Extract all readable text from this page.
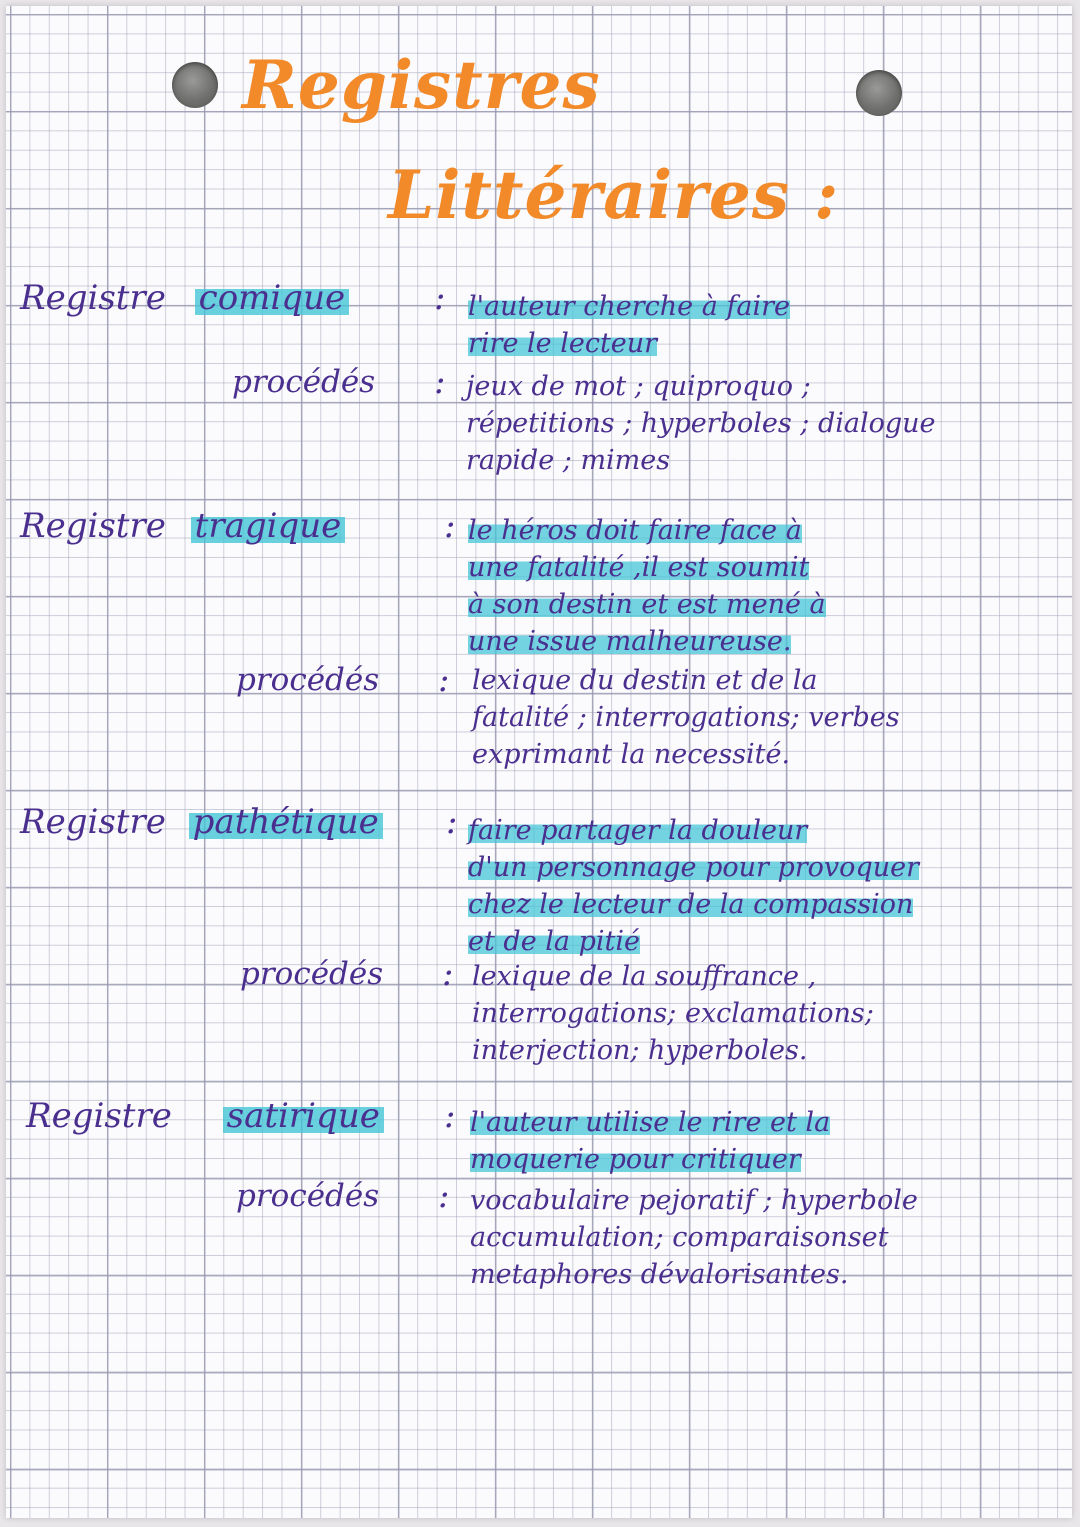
Registres
Littéraires :
Registre comique	: l'auteur cherche à fairerire le lecteur
procédés : jeux de mot ; quiproquo ;
répetitions ; hyperboles ; dialogue
rapide ; mimes
Registre tragique	: le héros doit faire face àune fatalité ,il est soumità son destin et est mené àune issue malheureuse.
procédés : lexique du destin et de la
fatalité ; interrogations; verbes
exprimant la necessité.
Registre pathétique : faire partager la douleurd'un personnage pour provoquerchez le lecteur de la compassionet de la pitié
procédés : lexique de la souffrance ,
interrogations; exclamations;
interjection; hyperboles.
Registre satirique : l'auteur utilise le rire et lamoquerie pour critiquer
procédés : vocabulaire pejoratif ; hyperbole
accumulation; comparaisonset
metaphores dévalorisantes.
